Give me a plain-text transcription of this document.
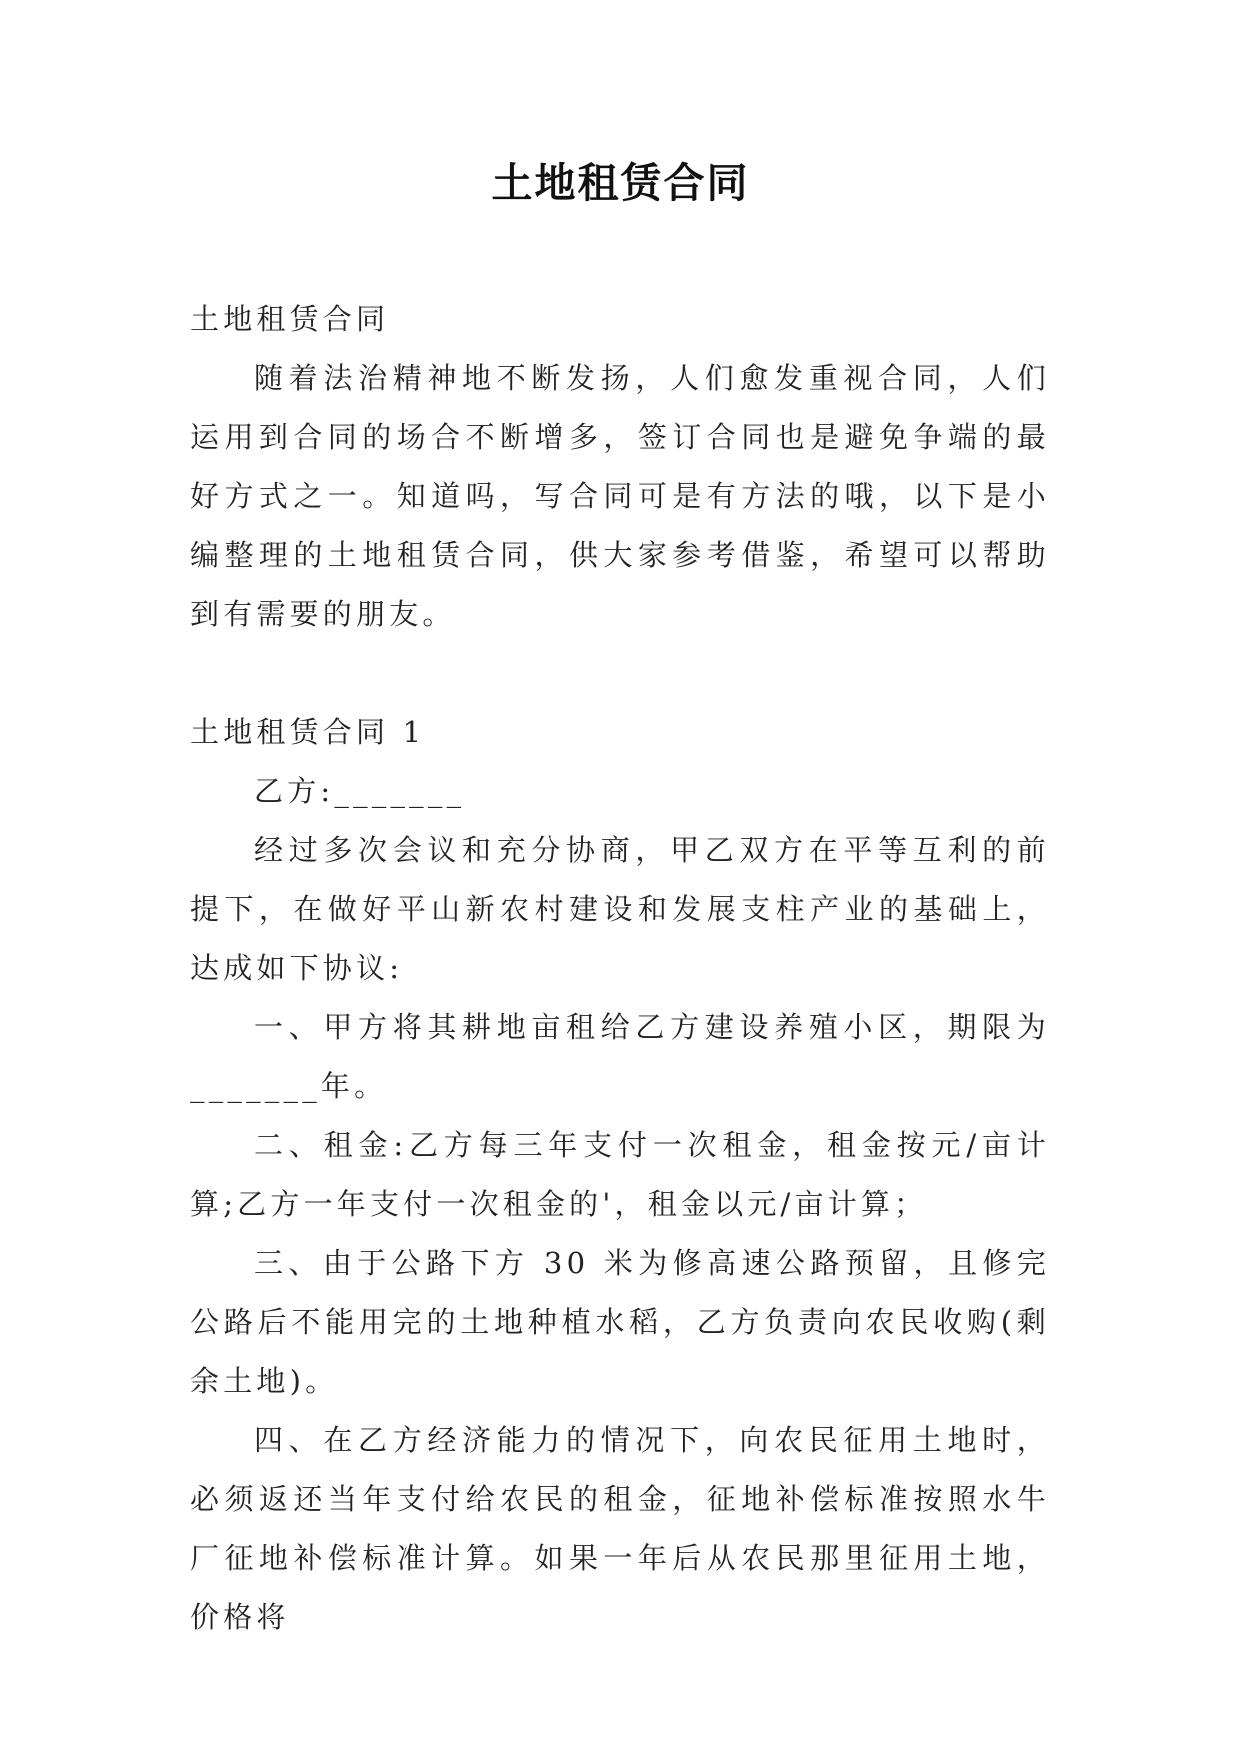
土地租赁合同

土地租赁合同

随着法治精神地不断发扬，人们愈发重视合同，人们运用到合同的场合不断增多，签订合同也是避免争端的最好方式之一。知道吗，写合同可是有方法的哦，以下是小编整理的土地租赁合同，供大家参考借鉴，希望可以帮助到有需要的朋友。

土地租赁合同 1

乙方:_______

经过多次会议和充分协商，甲乙双方在平等互利的前提下，在做好平山新农村建设和发展支柱产业的基础上，达成如下协议:

一、甲方将其耕地亩租给乙方建设养殖小区，期限为_______年。

二、租金:乙方每三年支付一次租金，租金按元/亩计算;乙方一年支付一次租金的'，租金以元/亩计算；

三、由于公路下方 30 米为修高速公路预留，且修完公路后不能用完的土地种植水稻，乙方负责向农民收购(剩余土地)。

四、在乙方经济能力的情况下，向农民征用土地时，必须返还当年支付给农民的租金，征地补偿标准按照水牛厂征地补偿标准计算。如果一年后从农民那里征用土地，价格将
